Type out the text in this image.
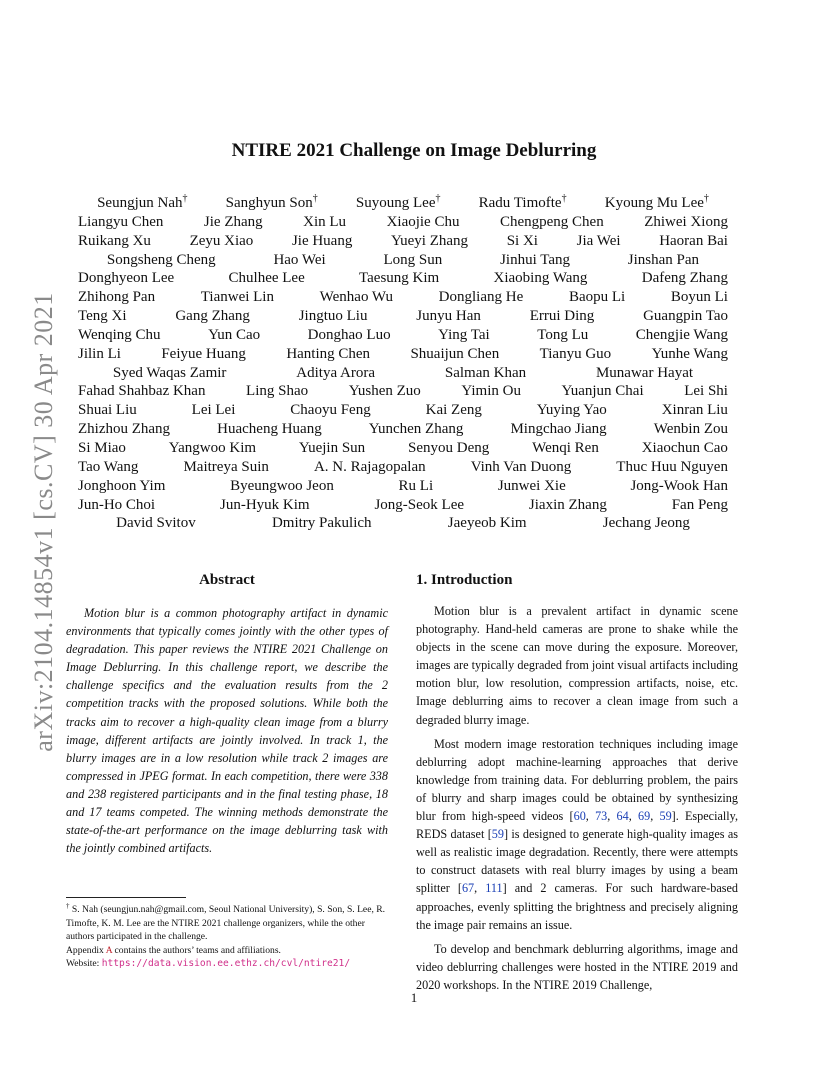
arXiv:2104.14854v1 [cs.CV] 30 Apr 2021
NTIRE 2021 Challenge on Image Deblurring
Seungjun Nah†	Sanghyun Son†	Suyoung Lee†	Radu Timofte†	Kyoung Mu Lee†
Liangyu Chen	Jie Zhang	Xin Lu	Xiaojie Chu	Chengpeng Chen	Zhiwei Xiong
Ruikang Xu	Zeyu Xiao	Jie Huang	Yueyi Zhang	Si Xi	Jia Wei	Haoran Bai
Songsheng Cheng	Hao Wei	Long Sun	Jinhui Tang	Jinshan Pan
Donghyeon Lee	Chulhee Lee	Taesung Kim	Xiaobing Wang	Dafeng Zhang
Zhihong Pan	Tianwei Lin	Wenhao Wu	Dongliang He	Baopu Li	Boyun Li
Teng Xi	Gang Zhang	Jingtuo Liu	Junyu Han	Errui Ding	Guangpin Tao
Wenqing Chu	Yun Cao	Donghao Luo	Ying Tai	Tong Lu	Chengjie Wang
Jilin Li	Feiyue Huang	Hanting Chen	Shuaijun Chen	Tianyu Guo	Yunhe Wang
Syed Waqas Zamir	Aditya Arora	Salman Khan	Munawar Hayat
Fahad Shahbaz Khan	Ling Shao	Yushen Zuo	Yimin Ou	Yuanjun Chai	Lei Shi
Shuai Liu	Lei Lei	Chaoyu Feng	Kai Zeng	Yuying Yao	Xinran Liu
Zhizhou Zhang	Huacheng Huang	Yunchen Zhang	Mingchao Jiang	Wenbin Zou
Si Miao	Yangwoo Kim	Yuejin Sun	Senyou Deng	Wenqi Ren	Xiaochun Cao
Tao Wang	Maitreya Suin	A. N. Rajagopalan	Vinh Van Duong	Thuc Huu Nguyen
Jonghoon Yim	Byeungwoo Jeon	Ru Li	Junwei Xie	Jong-Wook Han
Jun-Ho Choi	Jun-Hyuk Kim	Jong-Seok Lee	Jiaxin Zhang	Fan Peng
David Svitov	Dmitry Pakulich	Jaeyeob Kim	Jechang Jeong
Abstract

Motion blur is a common photography artifact in dynamic environments that typically comes jointly with the other types of degradation. This paper reviews the NTIRE 2021 Challenge on Image Deblurring. In this challenge report, we describe the challenge specifics and the evaluation results from the 2 competition tracks with the proposed solutions. While both the tracks aim to recover a high-quality clean image from a blurry image, different artifacts are jointly involved. In track 1, the blurry images are in a low resolution while track 2 images are compressed in JPEG format. In each competition, there were 338 and 238 registered participants and in the final testing phase, 18 and 17 teams competed. The winning methods demonstrate the state-of-the-art performance on the image deblurring task with the jointly combined artifacts.

1. Introduction

Motion blur is a prevalent artifact in dynamic scene photography. Hand-held cameras are prone to shake while the objects in the scene can move during the exposure. Moreover, images are typically degraded from joint visual artifacts including motion blur, low resolution, compression artifacts, noise, etc. Image deblurring aims to recover a clean image from such a degraded blurry image.

Most modern image restoration techniques including image deblurring adopt machine-learning approaches that derive knowledge from training data. For deblurring problem, the pairs of blurry and sharp images could be obtained by synthesizing blur from high-speed videos [60, 73, 64, 69, 59]. Especially, REDS dataset [59] is designed to generate high-quality images as well as realistic image degradation. Recently, there were attempts to construct datasets with real blurry images by using a beam splitter [67, 111] and 2 cameras. For such hardware-based approaches, evenly splitting the brightness and precisely aligning the image pair remains an issue.

To develop and benchmark deblurring algorithms, image and video deblurring challenges were hosted in the NTIRE 2019 and 2020 workshops. In the NTIRE 2019 Challenge,

† S. Nah (seungjun.nah@gmail.com, Seoul National University), S. Son, S. Lee, R. Timofte, K. M. Lee are the NTIRE 2021 challenge organizers, while the other authors participated in the challenge.

Appendix A contains the authors’ teams and affiliations.

Website: https://data.vision.ee.ethz.ch/cvl/ntire21/

1
